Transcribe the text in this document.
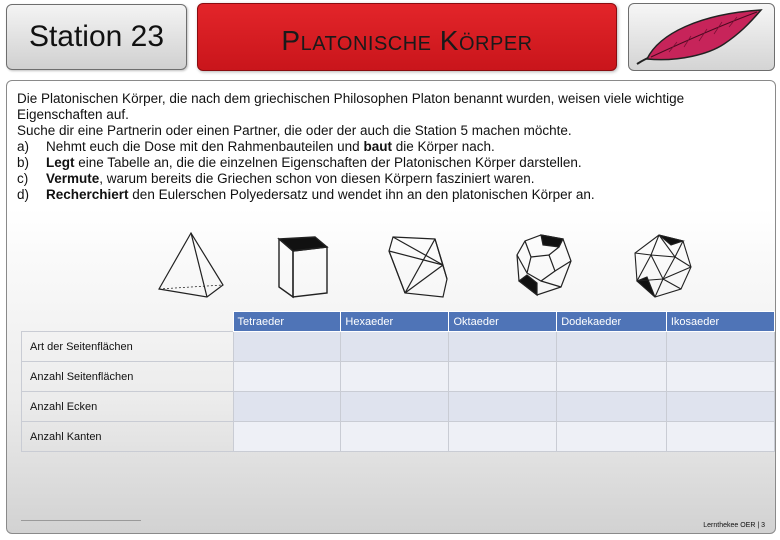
Station 23	Platonische Körper

Die Platonischen Körper, die nach dem griechischen Philosophen Platon benannt wurden, weisen viele wichtige Eigenschaften auf.

Suche dir eine Partnerin oder einen Partner, die oder der auch die Station 5 machen möchte.

a)	Nehmt euch die Dose mit den Rahmenbauteilen und baut die Körper nach.
b)	Legt eine Tabelle an, die die einzelnen Eigenschaften der Platonischen Körper darstellen.
c)	Vermute, warum bereits die Griechen schon von diesen Körpern fasziniert waren.
d)	Recherchiert den Eulerschen Polyedersatz und wendet ihn an den platonischen Körper an.
	Tetraeder	Hexaeder	Oktaeder	Dodekaeder	Ikosaeder
Art der Seitenflächen					
Anzahl Seitenflächen					
Anzahl Ecken					
Anzahl Kanten					
Lernthekee OER | 3
